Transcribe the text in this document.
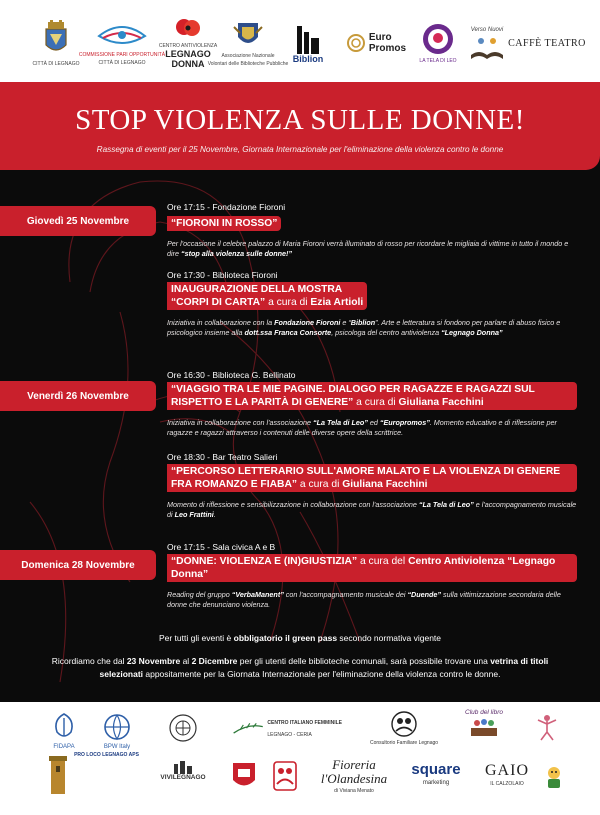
CITTÀ DI LEGNAGO
COMMISSIONE PARI OPPORTUNITÀ
CITTÀ DI LEGNAGO
CENTRO ANTIVIOLENZA
LEGNAGO
DONNA
Associazione Nazionale
Volontari delle Biblioteche Pubbliche Biblion
Euro
Promos
LA TELA DI LEO
Verso Nuovi
CAFFÈ TEATRO
STOP VIOLENZA SULLE DONNE!
Rassegna di eventi per il 25 Novembre, Giornata Internazionale per l'eliminazione della violenza contro le donne
Giovedì 25 Novembre
Venerdì 26 Novembre
Domenica 28 Novembre
Ore 17:15 - Fondazione Fioroni
“FIORONI IN ROSSO”
Per l'occasione il celebre palazzo di Maria Fioroni verrà illuminato di rosso per ricordare le migliaia di vittime in tutto il mondo e dire “stop alla violenza sulle donne!”
Ore 17:30 - Biblioteca Fioroni
INAUGURAZIONE DELLA MOSTRA
“CORPI DI CARTA” a cura di Ezia Artioli
Iniziativa in collaborazione con la Fondazione Fioroni e “Biblion”. Arte e letteratura si fondono per parlare di abuso fisico e psicologico insieme alla dott.ssa Franca Consorte, psicologa del centro antiviolenza “Legnago Donna”
Ore 16:30 - Biblioteca G. Bellinato
“VIAGGIO TRA LE MIE PAGINE. DIALOGO PER RAGAZZE E RAGAZZI SUL RISPETTO E LA PARITÀ DI GENERE” a cura di Giuliana Facchini
Iniziativa in collaborazione con l'associazione “La Tela di Leo” ed “Europromos”. Momento educativo e di riflessione per ragazze e ragazzi attraverso i contenuti delle diverse opere della scrittrice.
Ore 18:30 - Bar Teatro Salieri
“PERCORSO LETTERARIO SULL'AMORE MALATO E LA VIOLENZA DI GENERE FRA ROMANZO E FIABA” a cura di Giuliana Facchini
Momento di riflessione e sensibilizzazione in collaborazione con l'associazione “La Tela di Leo” e l'accompagnamento musicale di Leo Frattini.
Ore 17:15 - Sala civica A e B
“DONNE: VIOLENZA E (IN)GIUSTIZIA” a cura del Centro Antiviolenza “Legnago Donna”
Reading del gruppo “VerbaManent” con l'accompagnamento musicale dei “Duende” sulla vittimizzazione secondaria delle donne che denunciano violenza.
Per tutti gli eventi è obbligatorio il green pass secondo normativa vigente
Ricordiamo che dal 23 Novembre al 2 Dicembre per gli utenti delle biblioteche comunali, sarà possibile trovare una vetrina di titoli selezionati appositamente per la Giornata Internazionale per l'eliminazione della violenza contro le donne.
FIDAPA	BPW Italy
CENTRO ITALIANO FEMMINILE
LEGNAGO - CERIA
Consultorio Familiare Legnago
Club del libro
PRO LOCO LEGNAGO APS
VIVILEGNAGO
Fioreria
l'Olandesina
di Viviana Menato
square
marketing
GAIO
IL CALZOLAIO
